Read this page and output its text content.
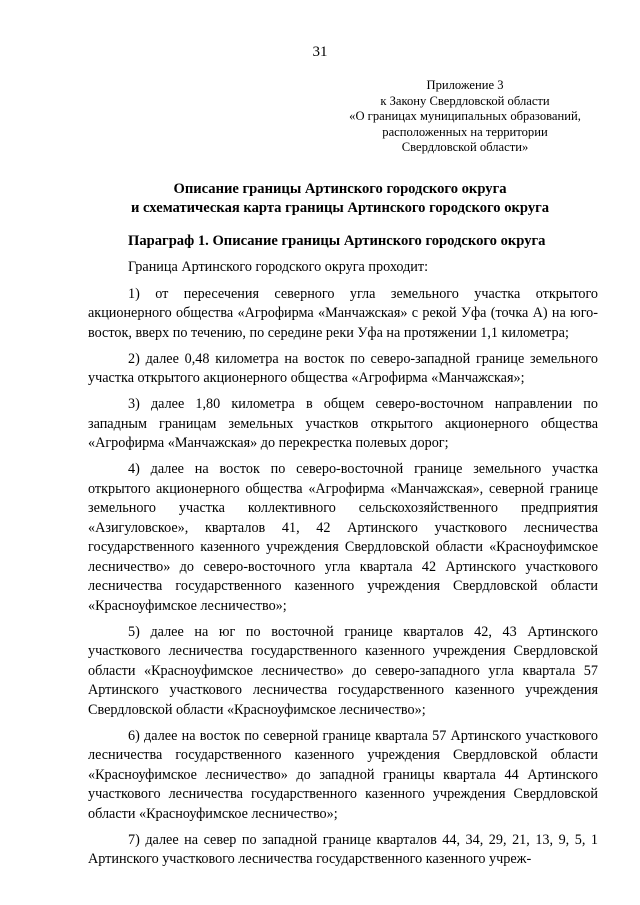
31
Приложение 3
к Закону Свердловской области
«О границах муниципальных образований,
расположенных на территории
Свердловской области»
Описание границы Артинского городского округа
и схематическая карта границы Артинского городского округа
Параграф 1. Описание границы Артинского городского округа

Граница Артинского городского округа проходит:

1) от пересечения северного угла земельного участка открытого акционерного общества «Агрофирма «Манчажская» с рекой Уфа (точка А) на юго-восток, вверх по течению, по середине реки Уфа на протяжении 1,1 километра;

2) далее 0,48 километра на восток по северо-западной границе земельного участка открытого акционерного общества «Агрофирма «Манчажская»;

3) далее 1,80 километра в общем северо-восточном направлении по западным границам земельных участков открытого акционерного общества «Агрофирма «Манчажская» до перекрестка полевых дорог;

4) далее на восток по северо-восточной границе земельного участка открытого акционерного общества «Агрофирма «Манчажская», северной границе земельного участка коллективного сельскохозяйственного предприятия «Азигуловское», кварталов 41, 42 Артинского участкового лесничества государственного казенного учреждения Свердловской области «Красноуфимское лесничество» до северо-восточного угла квартала 42 Артинского участкового лесничества государственного казенного учреждения Свердловской области «Красноуфимское лесничество»;

5) далее на юг по восточной границе кварталов 42, 43 Артинского участкового лесничества государственного казенного учреждения Свердловской области «Красноуфимское лесничество» до северо-западного угла квартала 57 Артинского участкового лесничества государственного казенного учреждения Свердловской области «Красноуфимское лесничество»;

6) далее на восток по северной границе квартала 57 Артинского участкового лесничества государственного казенного учреждения Свердловской области «Красноуфимское лесничество» до западной границы квартала 44 Артинского участкового лесничества государственного казенного учреждения Свердловской области «Красноуфимское лесничество»;

7) далее на север по западной границе кварталов 44, 34, 29, 21, 13, 9, 5, 1 Артинского участкового лесничества государственного казенного учреж-
